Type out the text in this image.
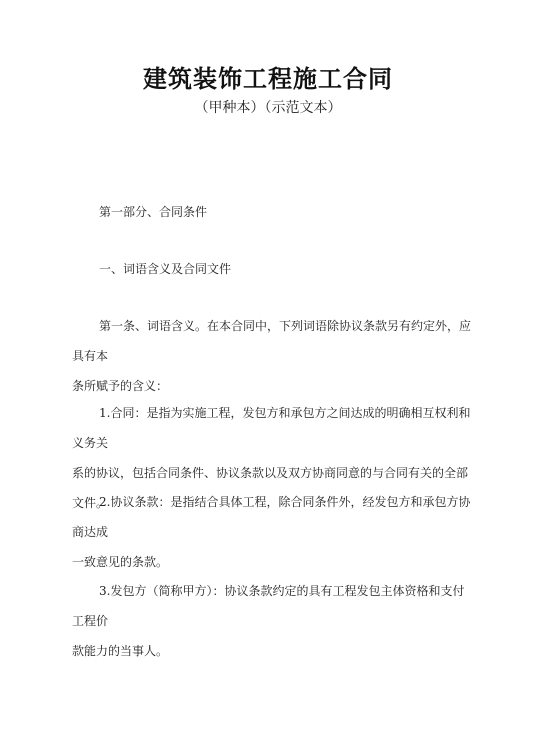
建筑装饰工程施工合同
（甲种本）（示范文本）

第一部分、合同条件

一、词语含义及合同文件

第一条、词语含义。在本合同中，下列词语除协议条款另有约定外，应具有本
条所赋予的含义：
1.合同：是指为实施工程，发包方和承包方之间达成的明确相互权利和义务关
系的协议，包括合同条件、协议条款以及双方协商同意的与合同有关的全部文件。
2.协议条款：是指结合具体工程，除合同条件外，经发包方和承包方协商达成
一致意见的条款。
3.发包方（简称甲方）：协议条款约定的具有工程发包主体资格和支付工程价
款能力的当事人。
